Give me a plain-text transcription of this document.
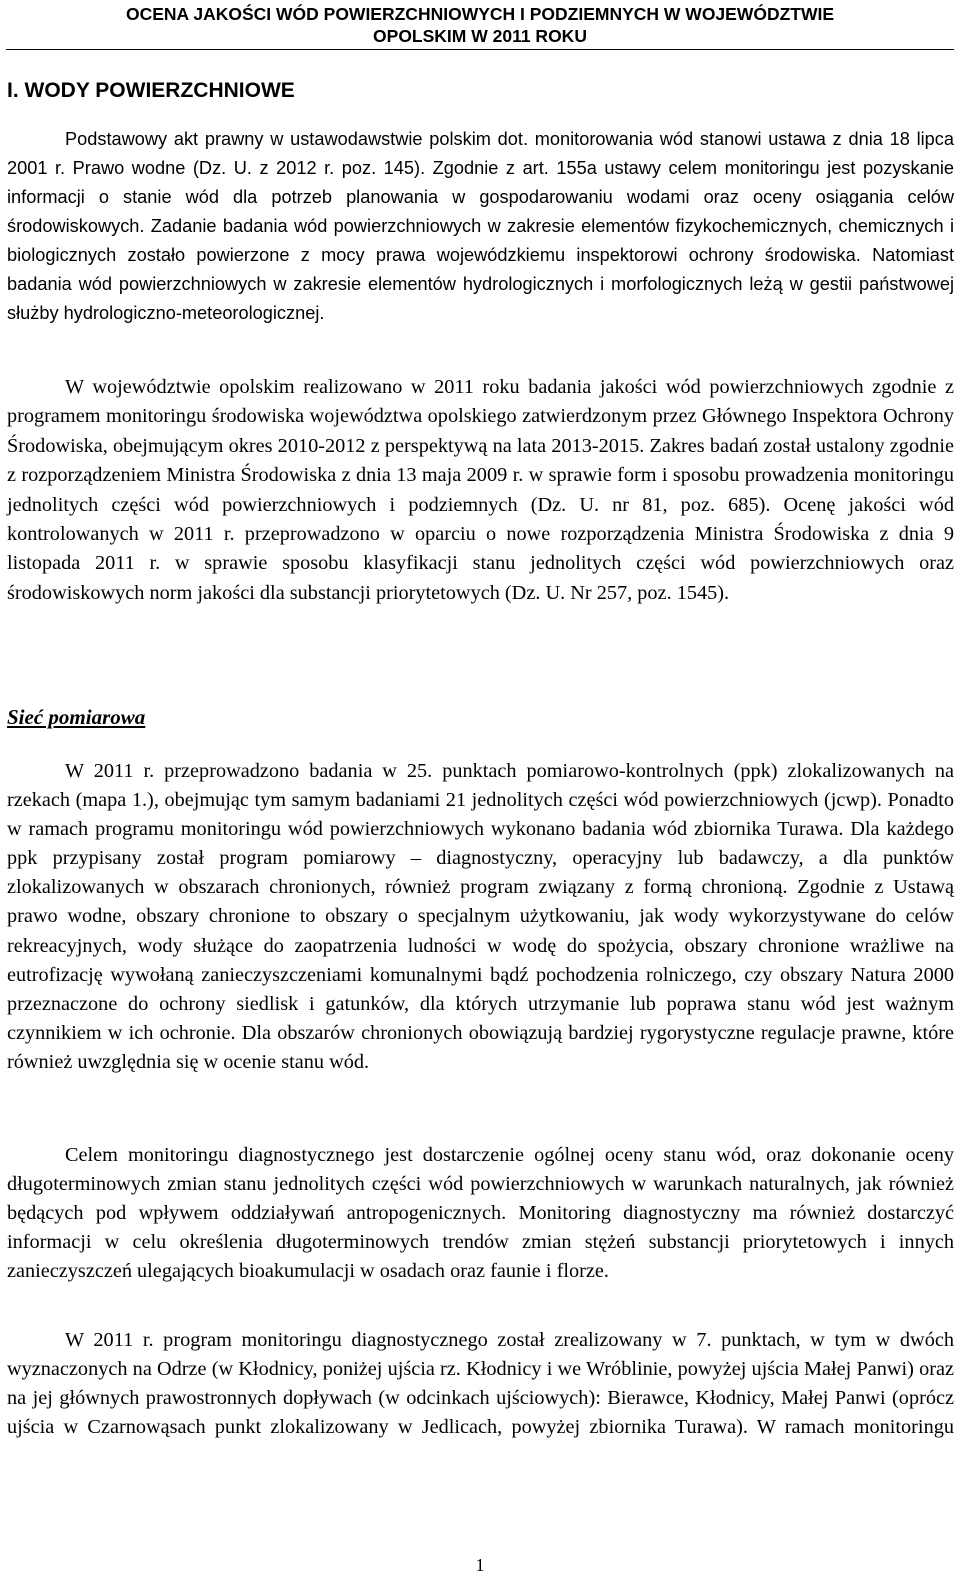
OCENA JAKOŚCI WÓD POWIERZCHNIOWYCH I PODZIEMNYCH W WOJEWÓDZTWIE
OPOLSKIM W 2011 ROKU
I. WODY POWIERZCHNIOWE

Podstawowy akt prawny w ustawodawstwie polskim dot. monitorowania wód stanowi ustawa z dnia 18 lipca 2001 r. Prawo wodne (Dz. U. z 2012 r. poz. 145). Zgodnie z art. 155a ustawy celem monitoringu jest pozyskanie informacji o stanie wód dla potrzeb planowania w gospodarowaniu wodami oraz oceny osiągania celów środowiskowych. Zadanie badania wód powierzchniowych w zakresie elementów fizykochemicznych, chemicznych i biologicznych zostało powierzone z mocy prawa wojewódzkiemu inspektorowi ochrony środowiska. Natomiast badania wód powierzchniowych w zakresie elementów hydrologicznych i morfologicznych leżą w gestii państwowej służby hydrologiczno-meteorologicznej.

W województwie opolskim realizowano w 2011 roku badania jakości wód powierzchniowych zgodnie z programem monitoringu środowiska województwa opolskiego zatwierdzonym przez Głównego Inspektora Ochrony Środowiska, obejmującym okres 2010-2012 z perspektywą na lata 2013-2015. Zakres badań został ustalony zgodnie z rozporządzeniem Ministra Środowiska z dnia 13 maja 2009 r. w sprawie form i sposobu prowadzenia monitoringu jednolitych części wód powierzchniowych i podziemnych (Dz. U. nr 81, poz. 685). Ocenę jakości wód kontrolowanych w 2011 r. przeprowadzono w oparciu o nowe rozporządzenia Ministra Środowiska z dnia 9 listopada 2011 r. w sprawie sposobu klasyfikacji stanu jednolitych części wód powierzchniowych oraz środowiskowych norm jakości dla substancji priorytetowych (Dz. U. Nr 257, poz. 1545).

Sieć pomiarowa

W 2011 r. przeprowadzono badania w 25. punktach pomiarowo-kontrolnych (ppk) zlokalizowanych na rzekach (mapa 1.), obejmując tym samym badaniami 21 jednolitych części wód powierzchniowych (jcwp). Ponadto w ramach programu monitoringu wód powierzchniowych wykonano badania wód zbiornika Turawa. Dla każdego ppk przypisany został program pomiarowy – diagnostyczny, operacyjny lub badawczy, a dla punktów zlokalizowanych w obszarach chronionych, również program związany z formą chronioną. Zgodnie z Ustawą prawo wodne, obszary chronione to obszary o specjalnym użytkowaniu, jak wody wykorzystywane do celów rekreacyjnych, wody służące do zaopatrzenia ludności w wodę do spożycia, obszary chronione wrażliwe na eutrofizację wywołaną zanieczyszczeniami komunalnymi bądź pochodzenia rolniczego, czy obszary Natura 2000 przeznaczone do ochrony siedlisk i gatunków, dla których utrzymanie lub poprawa stanu wód jest ważnym czynnikiem w ich ochronie. Dla obszarów chronionych obowiązują bardziej rygorystyczne regulacje prawne, które również uwzględnia się w ocenie stanu wód.

Celem monitoringu diagnostycznego jest dostarczenie ogólnej oceny stanu wód, oraz dokonanie oceny długoterminowych zmian stanu jednolitych części wód powierzchniowych w warunkach naturalnych, jak również będących pod wpływem oddziaływań antropogenicznych. Monitoring diagnostyczny ma również dostarczyć informacji w celu określenia długoterminowych trendów zmian stężeń substancji priorytetowych i innych zanieczyszczeń ulegających bioakumulacji w osadach oraz faunie i florze.

W 2011 r. program monitoringu diagnostycznego został zrealizowany w 7. punktach, w tym w dwóch wyznaczonych na Odrze (w Kłodnicy, poniżej ujścia rz. Kłodnicy i we Wróblinie, powyżej ujścia Małej Panwi) oraz na jej głównych prawostronnych dopływach (w odcinkach ujściowych): Bierawce, Kłodnicy, Małej Panwi (oprócz ujścia w Czarnowąsach punkt zlokalizowany w Jedlicach, powyżej zbiornika Turawa). W ramach monitoringu

1
